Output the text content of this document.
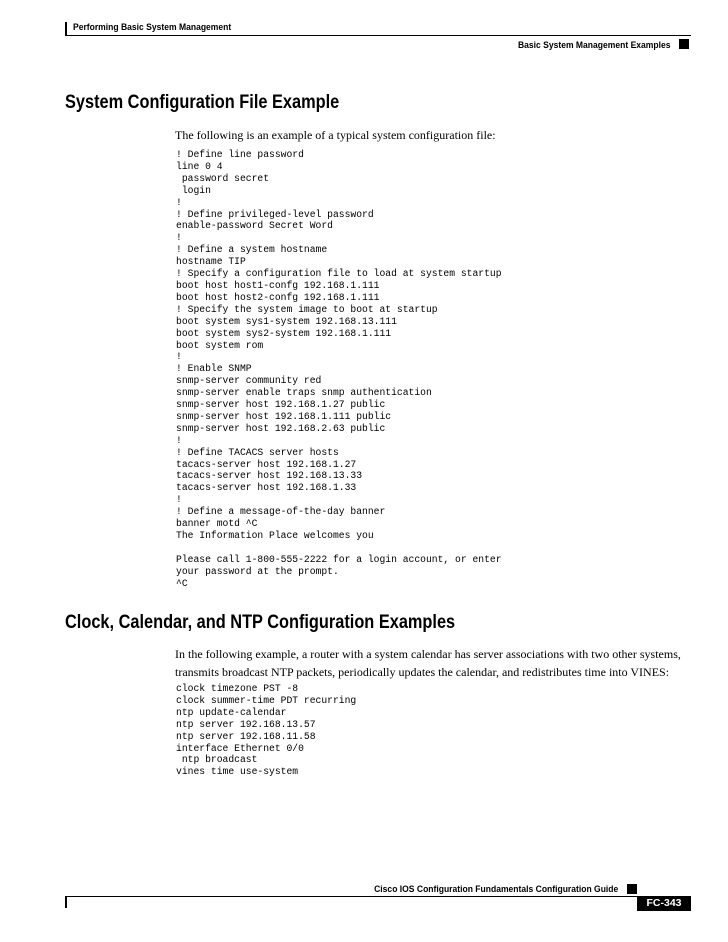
Performing Basic System Management
Basic System Management Examples
System Configuration File Example

The following is an example of a typical system configuration file:

! Define line password
line 0 4
password secret
login
!
! Define privileged-level password
enable-password Secret Word
!
! Define a system hostname
hostname TIP
! Specify a configuration file to load at system startup
boot host host1-confg 192.168.1.111
boot host host2-confg 192.168.1.111
! Specify the system image to boot at startup
boot system sys1-system 192.168.13.111
boot system sys2-system 192.168.1.111
boot system rom
!
! Enable SNMP
snmp-server community red
snmp-server enable traps snmp authentication
snmp-server host 192.168.1.27 public
snmp-server host 192.168.1.111 public
snmp-server host 192.168.2.63 public
!
! Define TACACS server hosts
tacacs-server host 192.168.1.27
tacacs-server host 192.168.13.33
tacacs-server host 192.168.1.33
!
! Define a message-of-the-day banner
banner motd ^C
The Information Place welcomes you

Please call 1-800-555-2222 for a login account, or enter
your password at the prompt.
^C
Clock, Calendar, and NTP Configuration Examples

In the following example, a router with a system calendar has server associations with two other systems,
transmits broadcast NTP packets, periodically updates the calendar, and redistributes time into VINES:

clock timezone PST -8
clock summer-time PDT recurring
ntp update-calendar
ntp server 192.168.13.57
ntp server 192.168.11.58
interface Ethernet 0/0
ntp broadcast
vines time use-system
Cisco IOS Configuration Fundamentals Configuration Guide
FC-343
